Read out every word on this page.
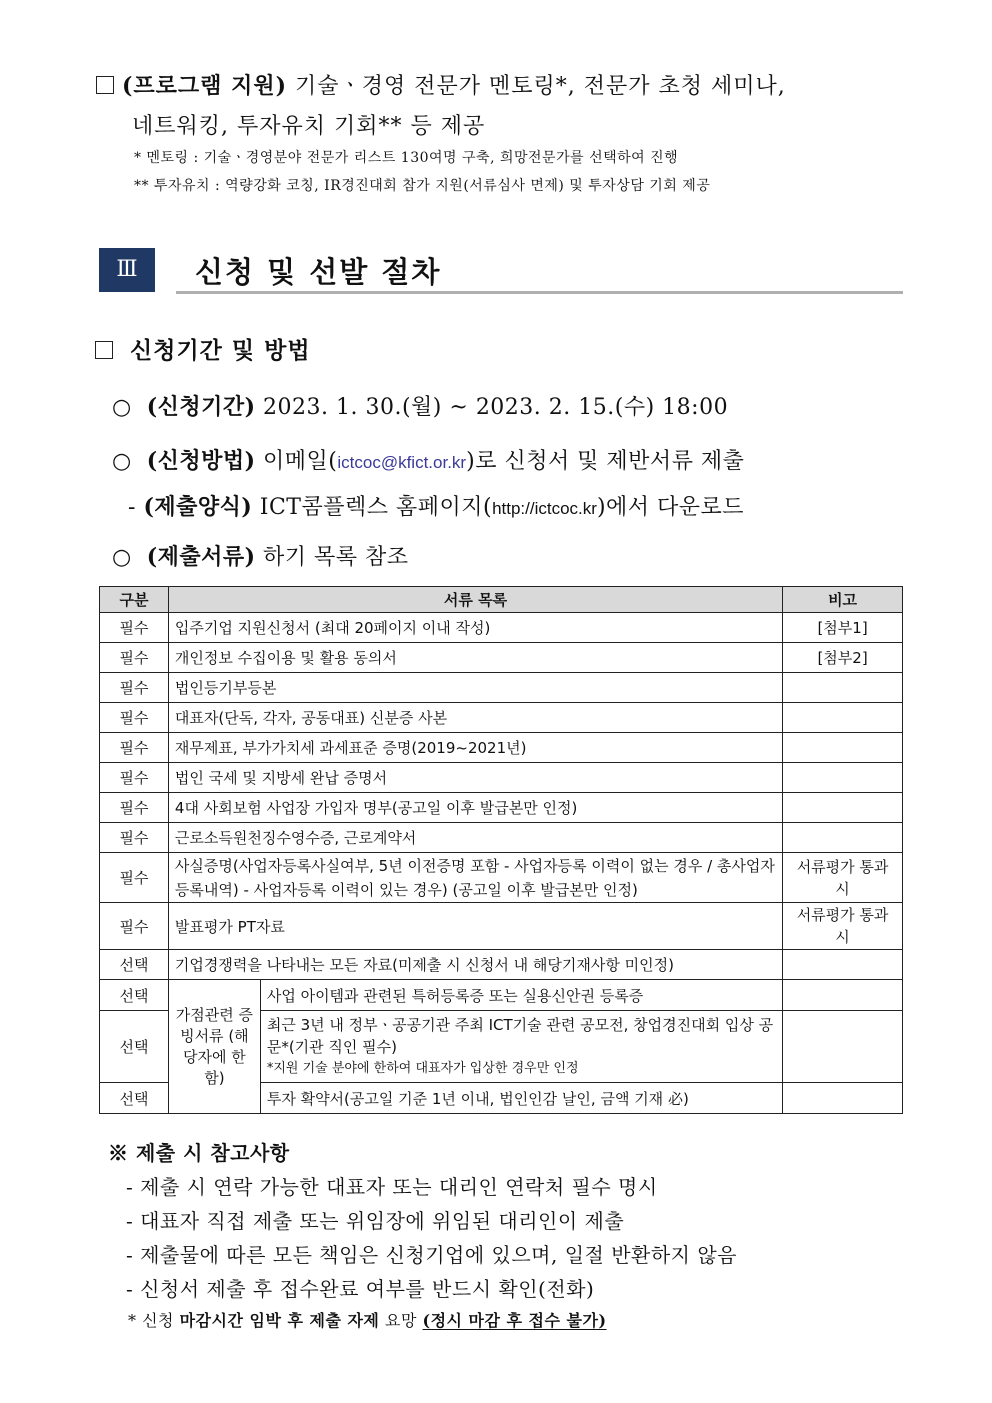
(프로그램 지원) 기술ㆍ경영 전문가 멘토링*, 전문가 초청 세미나,
네트워킹, 투자유치 기회** 등 제공
* 멘토링 : 기술ㆍ경영분야 전문가 리스트 130여명 구축, 희망전문가를 선택하여 진행
** 투자유치 : 역량강화 코칭, IR경진대회 참가 지원(서류심사 면제) 및 투자상담 기회 제공
Ⅲ	신청 및 선발 절차
신청기간 및 방법
○ (신청기간) 2023. 1. 30.(월) ~ 2023. 2. 15.(수) 18:00
○ (신청방법) 이메일(ictcoc@kfict.or.kr)로 신청서 및 제반서류 제출
- (제출양식) ICT콤플렉스 홈페이지(http://ictcoc.kr)에서 다운로드
○ (제출서류) 하기 목록 참조
구분	서류 목록		비고
필수	입주기업 지원신청서 (최대 20페이지 이내 작성)		[첨부1]
필수	개인정보 수집이용 및 활용 동의서		[첨부2]
필수	법인등기부등본		
필수	대표자(단독, 각자, 공동대표) 신분증 사본		
필수	재무제표, 부가가치세 과세표준 증명(2019~2021년)		
필수	법인 국세 및 지방세 완납 증명서		
필수	4대 사회보험 사업장 가입자 명부(공고일 이후 발급본만 인정)		
필수	근로소득원천징수영수증, 근로계약서		
필수	사실증명(사업자등록사실여부, 5년 이전증명 포함 - 사업자등록 이력이 없는 경우 / 총사업자등록내역) - 사업자등록 이력이 있는 경우) (공고일 이후 발급본만 인정)		서류평가 통과 시
필수	발표평가 PT자료		서류평가 통과 시
선택	기업경쟁력을 나타내는 모든 자료(미제출 시 신청서 내 해당기재사항 미인정)		
선택	가점관련 증빙서류 (해당자에 한함)	사업 아이템과 관련된 특허등록증 또는 실용신안권 등록증	
선택		최근 3년 내 정부ㆍ공공기관 주최 ICT기술 관련 공모전, 창업경진대회 입상 공문*(기관 직인 필수)
*지원 기술 분야에 한하여 대표자가 입상한 경우만 인정	

선택		투자 확약서(공고일 기준 1년 이내, 법인인감 날인, 금액 기재 必)	
※ 제출 시 참고사항
- 제출 시 연락 가능한 대표자 또는 대리인 연락처 필수 명시
- 대표자 직접 제출 또는 위임장에 위임된 대리인이 제출
- 제출물에 따른 모든 책임은 신청기업에 있으며, 일절 반환하지 않음
- 신청서 제출 후 접수완료 여부를 반드시 확인(전화)
* 신청 마감시간 임박 후 제출 자제 요망 (정시 마감 후 접수 불가)
